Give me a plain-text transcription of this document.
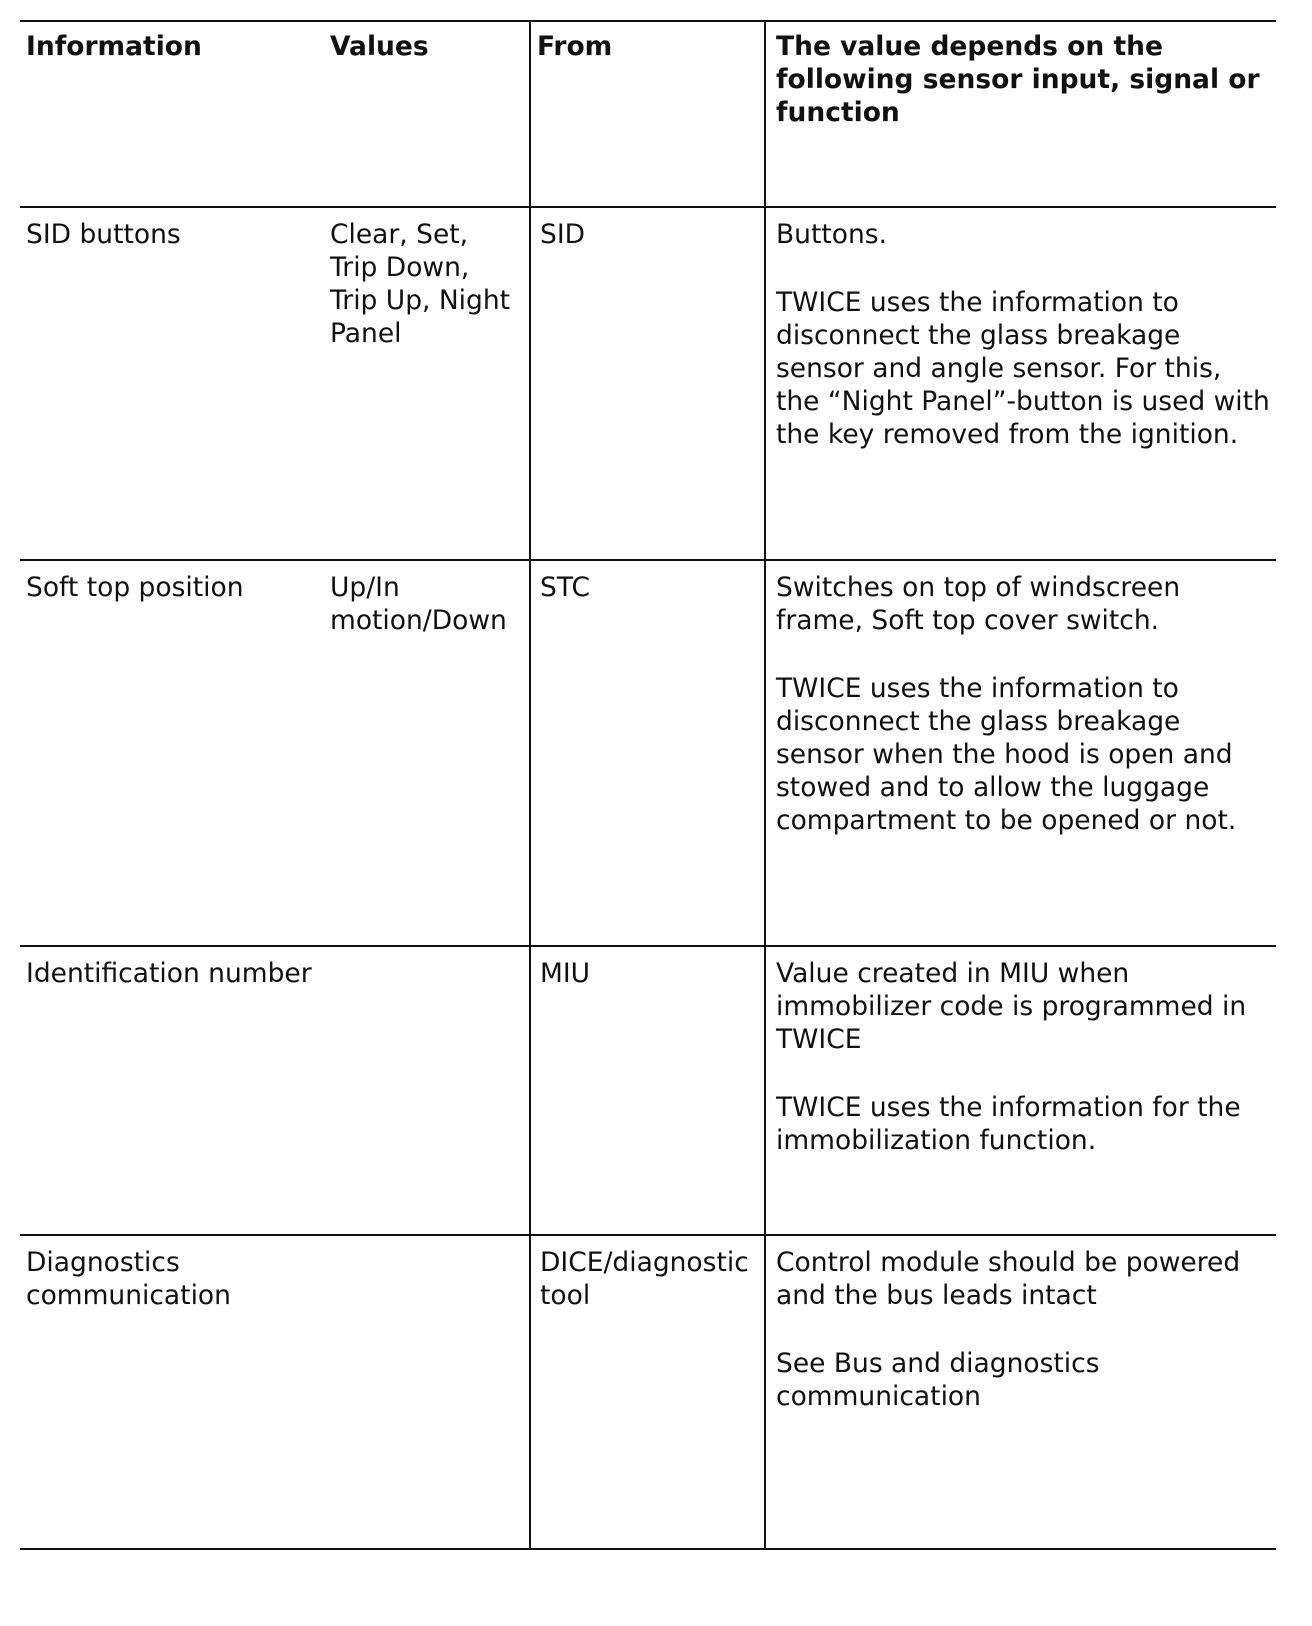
Information	Values	From	The value depends on the following sensor input, signal or function
SID buttons	Clear, Set, Trip Down, Trip Up, Night Panel	SID	Buttons.

TWICE uses the information to disconnect the glass breakage sensor and angle sensor. For this, the “Night Panel”-button is used with the key removed from the ignition.

Soft top position	Up/In motion/Down	STC	Switches on top of windscreen frame, Soft top cover switch.

TWICE uses the information to disconnect the glass breakage sensor when the hood is open and stowed and to allow the luggage compartment to be opened or not.

Identification number		MIU	Value created in MIU when immobilizer code is programmed in TWICE

TWICE uses the information for the immobilization function.

Diagnostics communication		DICE/diagnostic tool	Control module should be powered and the bus leads intact

See Bus and diagnostics communication
